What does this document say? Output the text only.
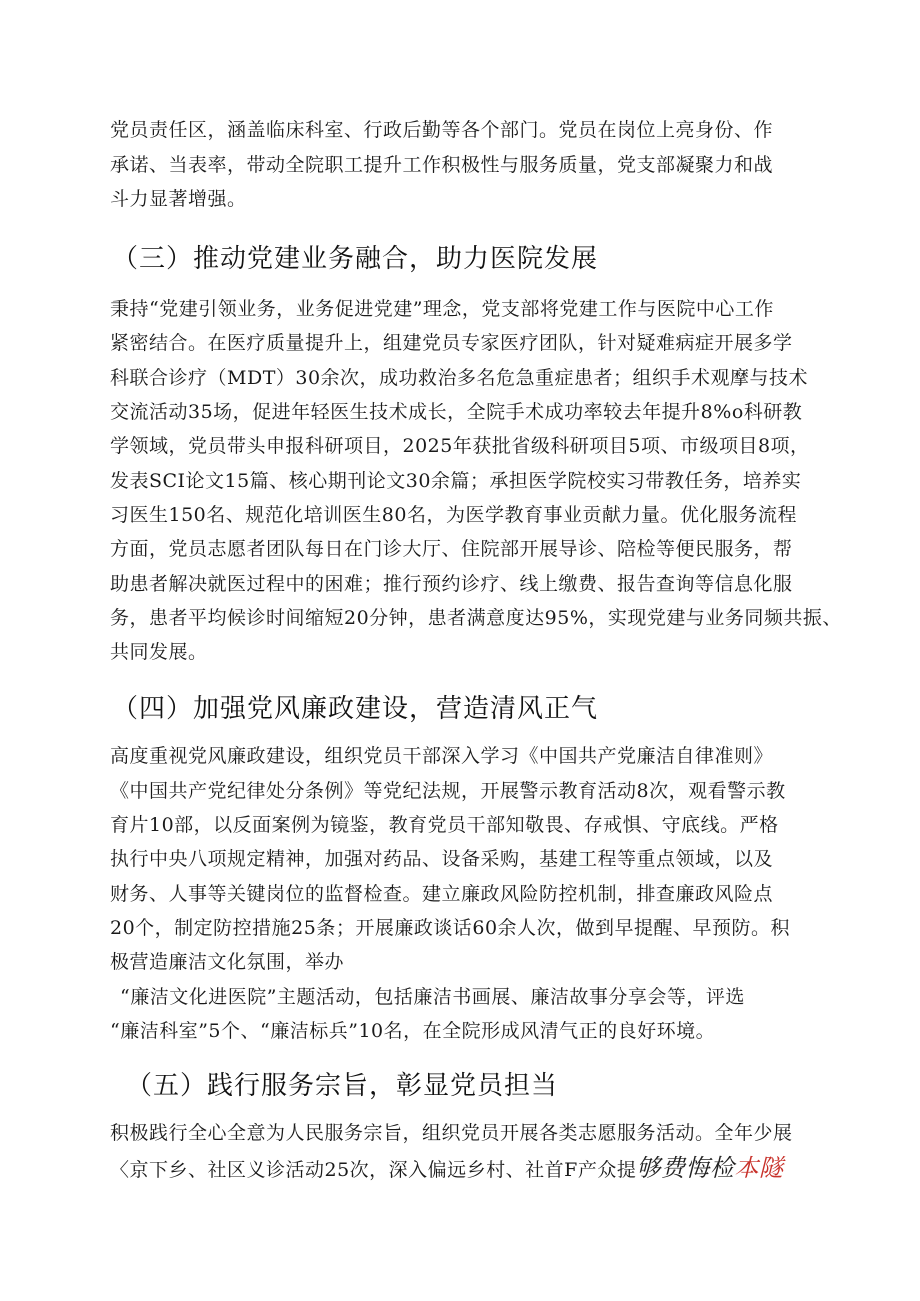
党员责任区，涵盖临床科室、行政后勤等各个部门。党员在岗位上亮身份、作
承诺、当表率，带动全院职工提升工作积极性与服务质量，党支部凝聚力和战
斗力显著增强。
（三）推动党建业务融合，助力医院发展
秉持“党建引领业务，业务促进党建”理念，党支部将党建工作与医院中心工作
紧密结合。在医疗质量提升上，组建党员专家医疗团队，针对疑难病症开展多学
科联合诊疗（MDT）30余次，成功救治多名危急重症患者；组织手术观摩与技术
交流活动35场，促进年轻医生技术成长，全院手术成功率较去年提升8%o科研教
学领域，党员带头申报科研项目，2025年获批省级科研项目5项、市级项目8项，
发表SCI论文15篇、核心期刊论文30余篇；承担医学院校实习带教任务，培养实
习医生150名、规范化培训医生80名，为医学教育事业贡献力量。优化服务流程
方面，党员志愿者团队每日在门诊大厅、住院部开展导诊、陪检等便民服务，帮
助患者解决就医过程中的困难；推行预约诊疗、线上缴费、报告查询等信息化服
务，患者平均候诊时间缩短20分钟，患者满意度达95%，实现党建与业务同频共振、
共同发展。
（四）加强党风廉政建设，营造清风正气
高度重视党风廉政建设，组织党员干部深入学习《中国共产党廉洁自律准则》
《中国共产党纪律处分条例》等党纪法规，开展警示教育活动8次，观看警示教
育片10部，以反面案例为镜鉴，教育党员干部知敬畏、存戒惧、守底线。严格
执行中央八项规定精神，加强对药品、设备采购，基建工程等重点领域，以及
财务、人事等关键岗位的监督检查。建立廉政风险防控机制，排查廉政风险点
20个，制定防控措施25条；开展廉政谈话60余人次，做到早提醒、早预防。积
极营造廉洁文化氛围，举办
“廉洁文化进医院”主题活动，包括廉洁书画展、廉洁故事分享会等，评选
“廉洁科室”5个、“廉洁标兵”10名，在全院形成风清气正的良好环境。
（五）践行服务宗旨，彰显党员担当
积极践行全心全意为人民服务宗旨，组织党员开展各类志愿服务活动。全年少展
〈京下乡、社区义诊活动25次，深入偏远乡村、社首F产众提够费悔检本隧
